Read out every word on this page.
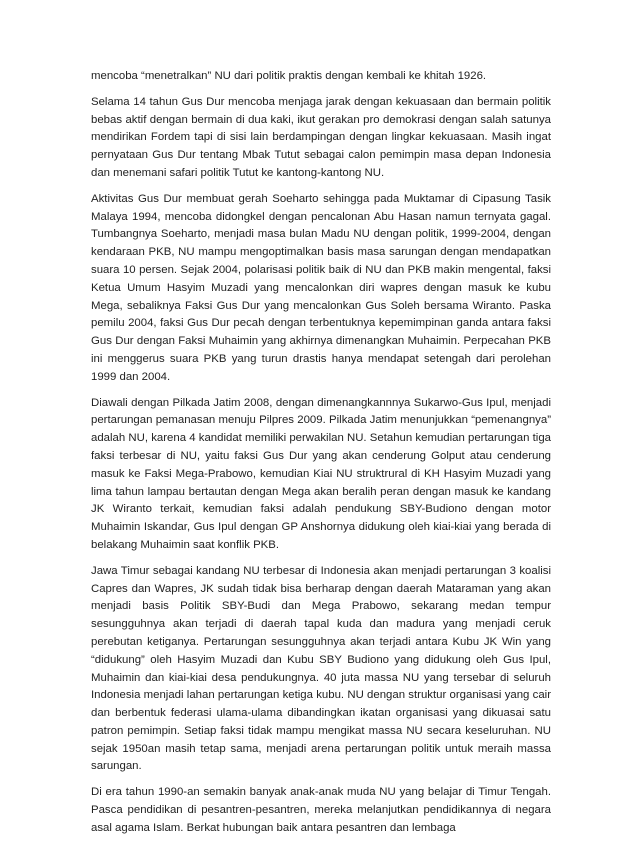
mencoba “menetralkan” NU dari politik praktis dengan kembali ke khitah 1926.

Selama 14 tahun Gus Dur mencoba menjaga jarak dengan kekuasaan dan bermain politik bebas aktif dengan bermain di dua kaki, ikut gerakan pro demokrasi dengan salah satunya mendirikan Fordem tapi di sisi lain berdampingan dengan lingkar kekuasaan. Masih ingat pernyataan Gus Dur tentang Mbak Tutut sebagai calon pemimpin masa depan Indonesia dan menemani safari politik Tutut ke kantong-kantong NU.

Aktivitas Gus Dur membuat gerah Soeharto sehingga pada Muktamar di Cipasung Tasik Malaya 1994, mencoba didongkel dengan pencalonan Abu Hasan namun ternyata gagal. Tumbangnya Soeharto, menjadi masa bulan Madu NU dengan politik, 1999-2004, dengan kendaraan PKB, NU mampu mengoptimalkan basis masa sarungan dengan mendapatkan suara 10 persen. Sejak 2004, polarisasi politik baik di NU dan PKB makin mengental, faksi Ketua Umum Hasyim Muzadi yang mencalonkan diri wapres dengan masuk ke kubu Mega, sebaliknya Faksi Gus Dur yang mencalonkan Gus Soleh bersama Wiranto. Paska pemilu 2004, faksi Gus Dur pecah dengan terbentuknya kepemimpinan ganda antara faksi Gus Dur dengan Faksi Muhaimin yang akhirnya dimenangkan Muhaimin. Perpecahan PKB ini menggerus suara PKB yang turun drastis hanya mendapat setengah dari perolehan 1999 dan 2004.

Diawali dengan Pilkada Jatim 2008, dengan dimenangkannnya Sukarwo-Gus Ipul, menjadi pertarungan pemanasan menuju Pilpres 2009. Pilkada Jatim menunjukkan “pemenangnya” adalah NU, karena 4 kandidat memiliki perwakilan NU. Setahun kemudian pertarungan tiga faksi terbesar di NU, yaitu faksi Gus Dur yang akan cenderung Golput atau cenderung masuk ke Faksi Mega-Prabowo, kemudian Kiai NU struktrural di KH Hasyim Muzadi yang lima tahun lampau bertautan dengan Mega akan beralih peran dengan masuk ke kandang JK Wiranto terkait, kemudian faksi adalah pendukung SBY-Budiono dengan motor Muhaimin Iskandar, Gus Ipul dengan GP Anshornya didukung oleh kiai-kiai yang berada di belakang Muhaimin saat konflik PKB.

Jawa Timur sebagai kandang NU terbesar di Indonesia akan menjadi pertarungan 3 koalisi Capres dan Wapres, JK sudah tidak bisa berharap dengan daerah Mataraman yang akan menjadi basis Politik SBY-Budi dan Mega Prabowo, sekarang medan tempur sesungguhnya akan terjadi di daerah tapal kuda dan madura yang menjadi ceruk perebutan ketiganya. Pertarungan sesungguhnya akan terjadi antara Kubu JK Win yang “didukung” oleh Hasyim Muzadi dan Kubu SBY Budiono yang didukung oleh Gus Ipul, Muhaimin dan kiai-kiai desa pendukungnya. 40 juta massa NU yang tersebar di seluruh Indonesia menjadi lahan pertarungan ketiga kubu. NU dengan struktur organisasi yang cair dan berbentuk federasi ulama-ulama dibandingkan ikatan organisasi yang dikuasai satu patron pemimpin. Setiap faksi tidak mampu mengikat massa NU secara keseluruhan. NU sejak 1950an masih tetap sama, menjadi arena pertarungan politik untuk meraih massa sarungan.

Di era tahun 1990-an semakin banyak anak-anak muda NU yang belajar di Timur Tengah. Pasca pendidikan di pesantren-pesantren, mereka melanjutkan pendidikannya di negara asal agama Islam. Berkat hubungan baik antara pesantren dan lembaga
